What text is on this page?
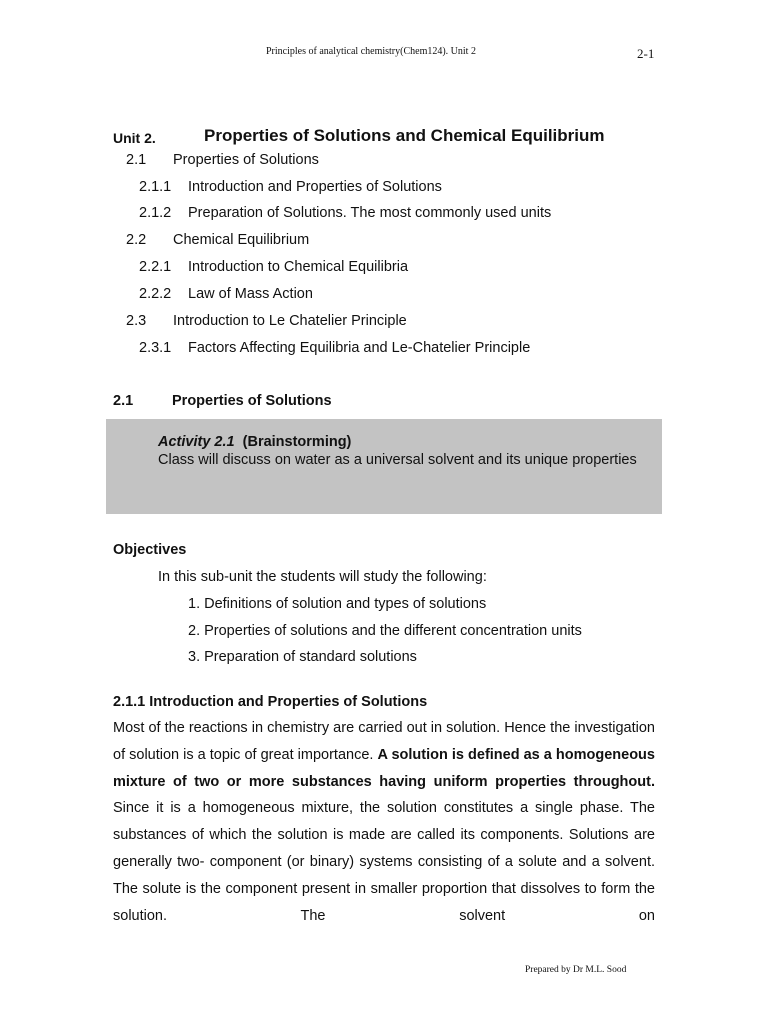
Principles of analytical chemistry(Chem124). Unit 2	2-1
Unit 2.	Properties of Solutions and Chemical Equilibrium
2.1 Properties of Solutions
2.1.1 Introduction and Properties of Solutions
2.1.2 Preparation of Solutions. The most commonly used units
2.2 Chemical Equilibrium
2.2.1 Introduction to Chemical Equilibria
2.2.2 Law of Mass Action
2.3 Introduction to Le Chatelier Principle
2.3.1 Factors Affecting Equilibria and Le-Chatelier Principle
2.1	Properties of Solutions
Activity 2.1 (Brainstorming)
Class will discuss on water as a universal solvent and its unique properties
Objectives
In this sub-unit the students will study the following:
1. Definitions of solution and types of solutions
2. Properties of solutions and the different concentration units
3. Preparation of standard solutions
2.1.1 Introduction and Properties of Solutions
Most of the reactions in chemistry are carried out in solution. Hence the investigation of solution is a topic of great importance. A solution is defined as a homogeneous mixture of two or more substances having uniform properties throughout. Since it is a homogeneous mixture, the solution constitutes a single phase. The substances of which the solution is made are called its components. Solutions are generally two- component (or binary) systems consisting of a solute and a solvent. The solute is the component present in smaller proportion that dissolves to form the solution. The solvent on
Prepared by Dr M.L. Sood
